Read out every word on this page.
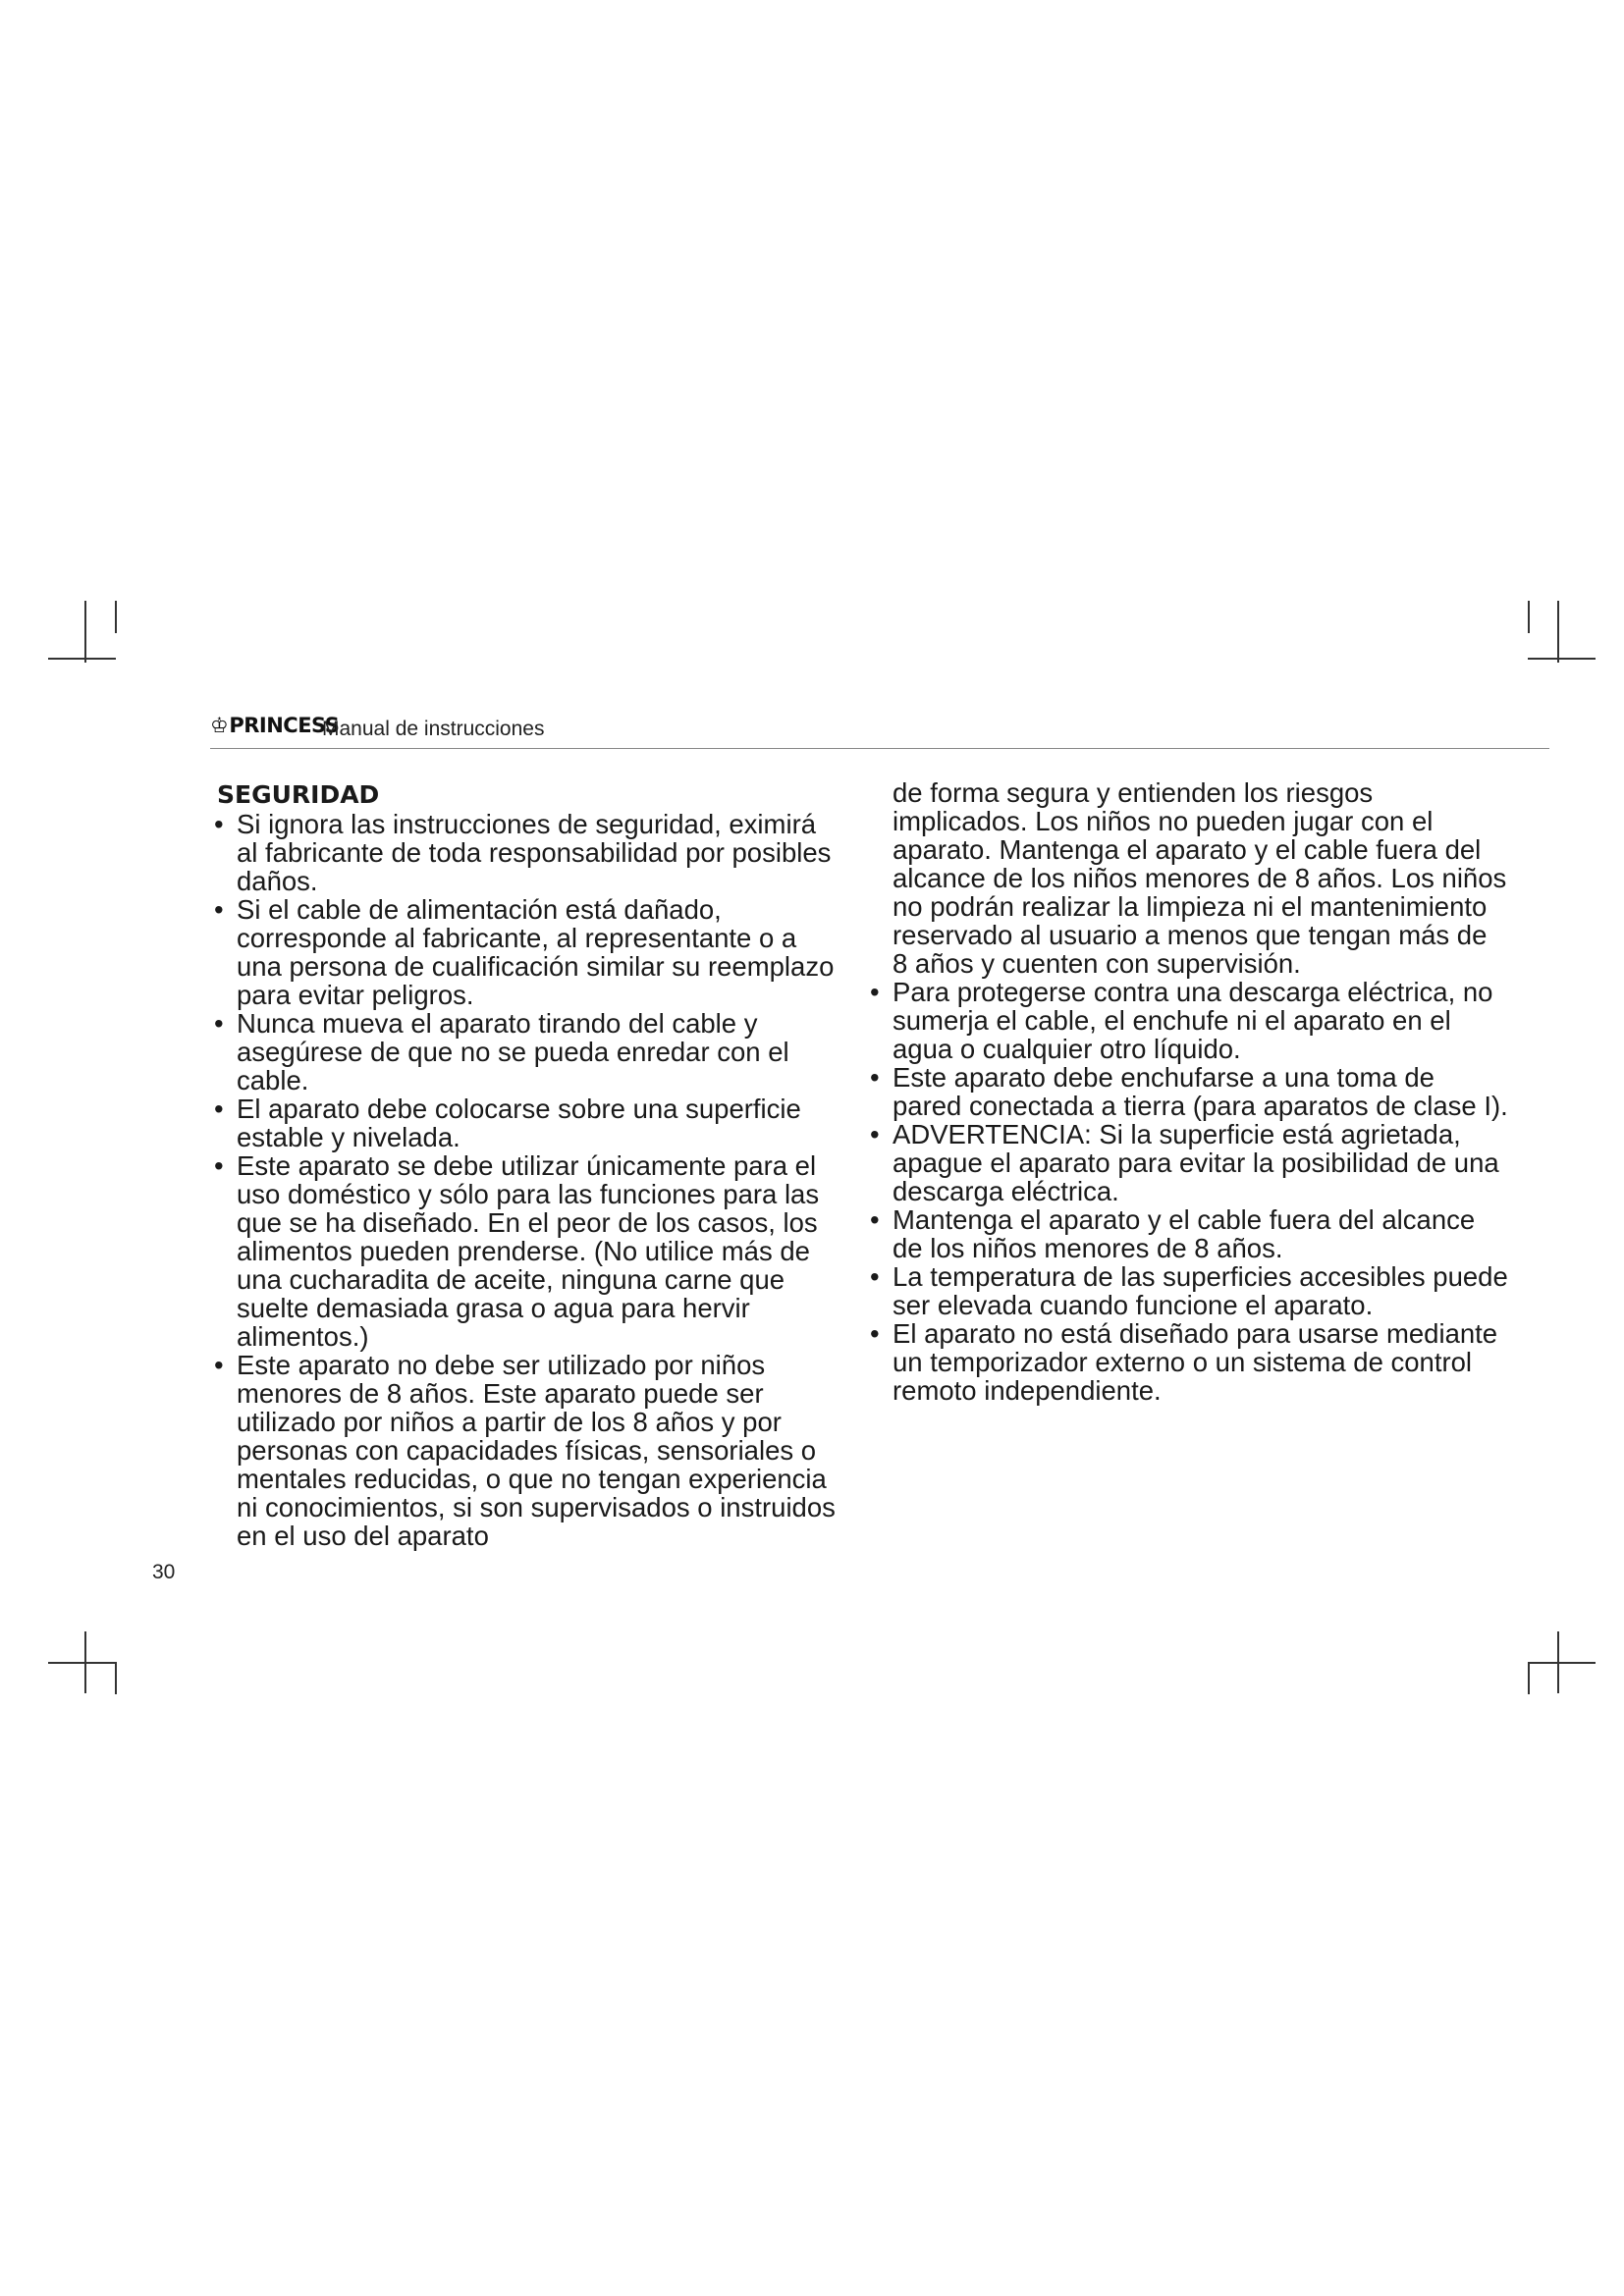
♔PRINCESS
Manual de instrucciones

SEGURIDAD

• Si ignora las instrucciones de seguridad, eximirá al fabricante de toda responsabilidad por posibles daños.

• Si el cable de alimentación está dañado, corresponde al fabricante, al representante o a una persona de cualificación similar su reemplazo para evitar peligros.

• Nunca mueva el aparato tirando del cable y asegúrese de que no se pueda enredar con el cable.

• El aparato debe colocarse sobre una superficie estable y nivelada.

• Este aparato se debe utilizar únicamente para el uso doméstico y sólo para las funciones para las que se ha diseñado. En el peor de los casos, los alimentos pueden prenderse. (No utilice más de una cucharadita de aceite, ninguna carne que suelte demasiada grasa o agua para hervir alimentos.)

• Este aparato no debe ser utilizado por niños menores de 8 años. Este aparato puede ser utilizado por niños a partir de los 8 años y por personas con capacidades físicas, sensoriales o mentales reducidas, o que no tengan experiencia ni conocimientos, si son supervisados o instruidos en el uso del aparato

de forma segura y entienden los riesgos implicados. Los niños no pueden jugar con el aparato. Mantenga el aparato y el cable fuera del alcance de los niños menores de 8 años. Los niños no podrán realizar la limpieza ni el mantenimiento reservado al usuario a menos que tengan más de 8 años y cuenten con supervisión.

• Para protegerse contra una descarga eléctrica, no sumerja el cable, el enchufe ni el aparato en el agua o cualquier otro líquido.

• Este aparato debe enchufarse a una toma de pared conectada a tierra (para aparatos de clase I).

• ADVERTENCIA: Si la superficie está agrietada, apague el aparato para evitar la posibilidad de una descarga eléctrica.

• Mantenga el aparato y el cable fuera del alcance de los niños menores de 8 años.

• La temperatura de las superficies accesibles puede ser elevada cuando funcione el aparato.

• El aparato no está diseñado para usarse mediante un temporizador externo o un sistema de control remoto independiente.

30
